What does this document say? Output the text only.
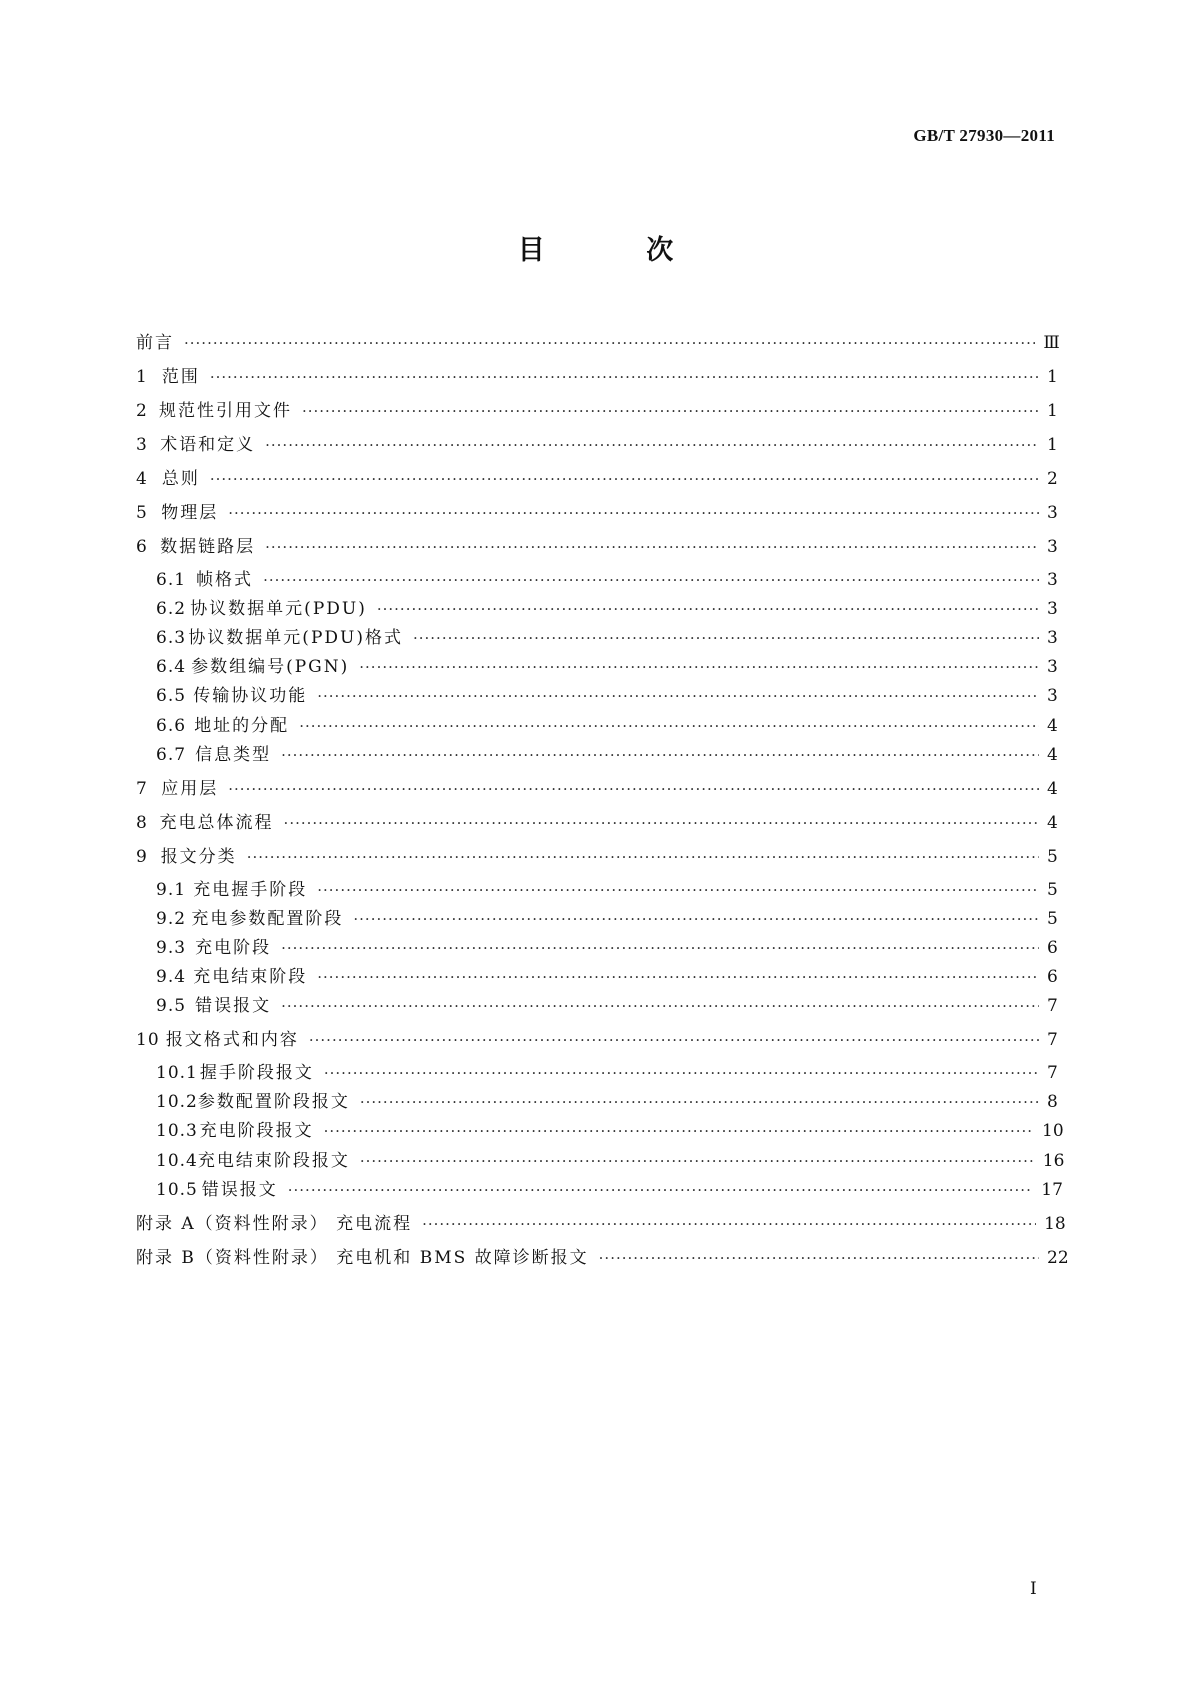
GB/T 27930—2011
目 次
前言 ·····	Ⅲ
1 范围 ·····	1
2 规范性引用文件 ·····	1
3 术语和定义 ·····	1
4 总则 ·····	2
5 物理层 ·····	3
6 数据链路层 ·····	3
6.1 帧格式 ·····	3
6.2 协议数据单元(PDU) ·····	3
6.3 协议数据单元(PDU)格式 ·····	3
6.4 参数组编号(PGN) ·····	3
6.5 传输协议功能 ·····	3
6.6 地址的分配 ·····	4
6.7 信息类型 ·····	4
7 应用层 ·····	4
8 充电总体流程 ·····	4
9 报文分类 ·····	5
9.1 充电握手阶段 ·····	5
9.2 充电参数配置阶段 ·····	5
9.3 充电阶段 ·····	6
9.4 充电结束阶段 ·····	6
9.5 错误报文 ·····	7
10 报文格式和内容 ·····	7
10.1 握手阶段报文 ·····	7
10.2 参数配置阶段报文 ·····	8
10.3 充电阶段报文 ·····	10
10.4 充电结束阶段报文 ·····	16
10.5 错误报文 ·····	17
附录 A（资料性附录） 充电流程 ·····	18
附录 B（资料性附录） 充电机和 BMS 故障诊断报文 ·····	22
I
